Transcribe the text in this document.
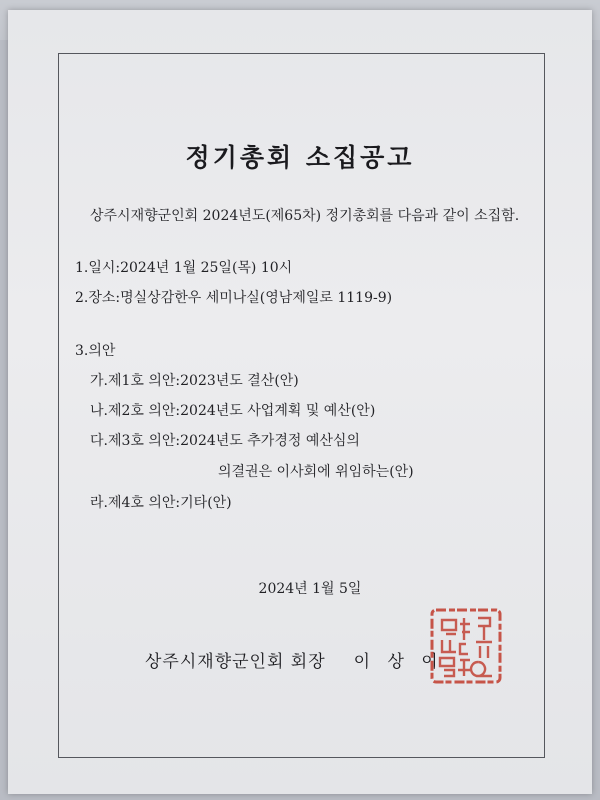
정기총회 소집공고
상주시재향군인회 2024년도(제65차) 정기총회를 다음과 같이 소집함.
1.일시:2024년 1월 25일(목) 10시
2.장소:명실상감한우 세미나실(영남제일로 1119-9)
3.의안
가.제1호 의안:2023년도 결산(안)
나.제2호 의안:2024년도 사업계획 및 예산(안)
다.제3호 의안:2024년도 추가경정 예산심의
의결권은 이사회에 위임하는(안)
라.제4호 의안:기타(안)
2024년 1월 5일
상주시재향군인회 회장 이 상 이
